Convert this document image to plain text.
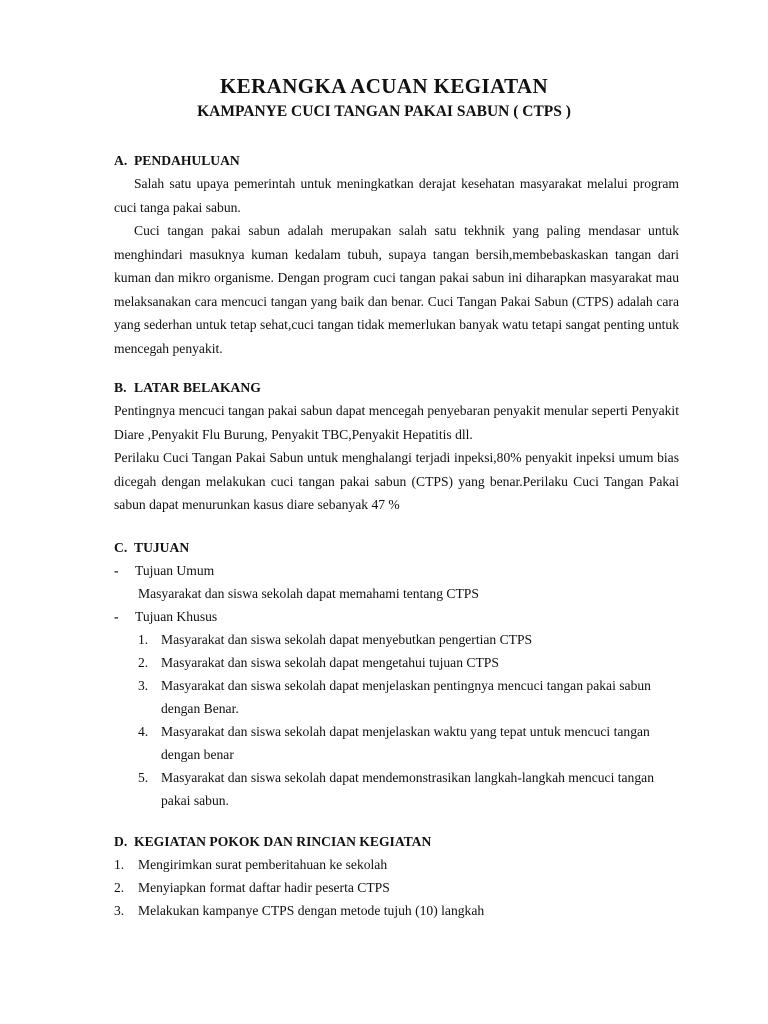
KERANGKA ACUAN KEGIATAN
KAMPANYE CUCI TANGAN PAKAI SABUN ( CTPS )
A. PENDAHULUAN
Salah satu upaya pemerintah untuk meningkatkan derajat kesehatan masyarakat melalui program cuci tanga pakai sabun.
Cuci tangan pakai sabun adalah merupakan salah satu tekhnik yang paling mendasar untuk menghindari masuknya kuman kedalam tubuh, supaya tangan bersih,membebaskaskan tangan dari kuman dan mikro organisme. Dengan program cuci tangan pakai sabun ini diharapkan masyarakat mau melaksanakan cara mencuci tangan yang baik dan benar. Cuci Tangan Pakai Sabun (CTPS) adalah cara yang sederhan untuk tetap sehat,cuci tangan tidak memerlukan banyak watu tetapi sangat penting untuk mencegah penyakit.
B. LATAR BELAKANG
Pentingnya mencuci tangan pakai sabun dapat mencegah penyebaran penyakit menular seperti Penyakit Diare ,Penyakit Flu Burung, Penyakit TBC,Penyakit Hepatitis dll.
Perilaku Cuci Tangan Pakai Sabun untuk menghalangi terjadi inpeksi,80% penyakit inpeksi umum bias dicegah dengan melakukan cuci tangan pakai sabun (CTPS) yang benar.Perilaku Cuci Tangan Pakai sabun dapat menurunkan kasus diare sebanyak 47 %
C. TUJUAN
-	Tujuan Umum
Masyarakat dan siswa sekolah dapat memahami tentang CTPS
-	Tujuan Khusus
1. Masyarakat dan siswa sekolah dapat menyebutkan pengertian CTPS
2. Masyarakat dan siswa sekolah dapat mengetahui tujuan CTPS
3. Masyarakat dan siswa sekolah dapat menjelaskan pentingnya mencuci tangan pakai sabun dengan Benar.
4. Masyarakat dan siswa sekolah dapat menjelaskan waktu yang tepat untuk mencuci tangan dengan benar
5. Masyarakat dan siswa sekolah dapat mendemonstrasikan langkah-langkah mencuci tangan pakai sabun.
D. KEGIATAN POKOK DAN RINCIAN KEGIATAN
1. Mengirimkan surat pemberitahuan ke sekolah
2. Menyiapkan format daftar hadir peserta CTPS
3. Melakukan kampanye CTPS dengan metode tujuh (10) langkah
